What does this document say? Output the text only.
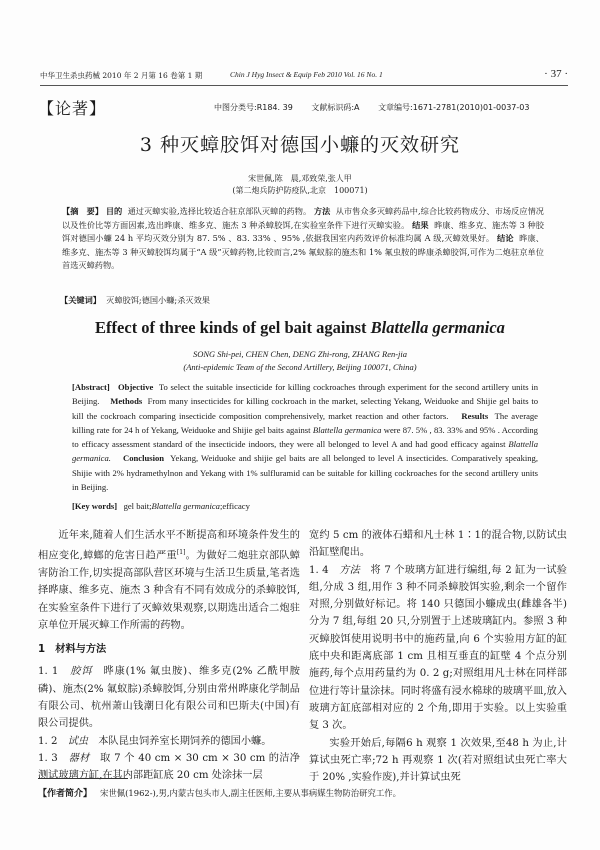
中华卫生杀虫药械 2010 年 2 月第 16 卷第 1 期	Chin J Hyg Insect & Equip Feb 2010 Vol. 16 No. 1	· 37 ·
【论著】	中图分类号:R184. 39 文献标识码:A 文章编号:1671-2781(2010)01-0037-03
3 种灭蟑胶饵对德国小蠊的灭效研究
宋世佩,陈　晨,邓致荣,张人甲
(第二炮兵防护防疫队,北京　100071)
【摘　要】 目的 通过灭蟑实验,选择比较适合驻京部队灭蟑的药物。 方法 从市售众多灭蟑药品中,综合比较药物成分、市场反应情况以及性价比等方面因素,选出晔康、维多克、施杰 3 种杀蟑胶饵,在实验室条件下进行灭蟑实验。 结果 晔康、维多克、施杰等 3 种胶饵对德国小蠊 24 h 平均灭效分别为 87. 5% 、83. 33% 、95% ,依据我国室内药效评价标准均属 A 级,灭蟑效果好。 结论 晔康、维多克、施杰等 3 种灭蟑胶饵均属于“A 级”灭蟑药物,比较而言,2% 氟蚁腙的施杰和 1% 氟虫胺的晔康杀蟑胶饵,可作为二炮驻京单位首选灭蟑药物。
【关键词】 灭蟑胶饵;德国小蠊;杀灭效果
Effect of three kinds of gel bait against Blattella germanica
SONG Shi-pei, CHEN Chen, DENG Zhi-rong, ZHANG Ren-jia
(Anti-epidemic Team of the Second Artillery, Beijing 100071, China)
[Abstract] Objective To select the suitable insecticide for killing cockroaches through experiment for the second artillery units in Beijing. Methods From many insecticides for killing cockroach in the market, selecting Yekang, Weiduoke and Shijie gel baits to kill the cockroach comparing insecticide composition comprehensively, market reaction and other factors. Results The average killing rate for 24 h of Yekang, Weiduoke and Shijie gel baits against Blattella germanica were 87. 5% , 83. 33% and 95% . According to efficacy assessment standard of the insecticide indoors, they were all belonged to level A and had good efficacy against Blattella germanica. Conclusion Yekang, Weiduoke and shijie gel baits are all belonged to level A insecticides. Comparatively speaking, Shijie with 2% hydramethylnon and Yekang with 1% sulfluramid can be suitable for killing cockroaches for the second artillery units in Beijing.
[Key words] gel bait;Blattella germanica;efficacy

近年来,随着人们生活水平不断提高和环境条件发生的相应变化,蟑螂的危害日趋严重[1]。为做好二炮驻京部队蟑害防治工作,切实提高部队营区环境与生活卫生质量,笔者选择晔康、维多克、施杰 3 种含有不同有效成分的杀蟑胶饵,在实验室条件下进行了灭蟑效果观察,以期选出适合二炮驻京单位开展灭蟑工作所需的药物。

1　材料与方法

1. 1　胶饵　晔康(1% 氟虫胺)、维多克(2% 乙酰甲胺磷)、施杰(2% 氟蚁腙)杀蟑胶饵,分别由常州晔康化学制品有限公司、杭州萧山钱潮日化有限公司和巴斯夫(中国)有限公司提供。

1. 2　试虫　本队昆虫饲养室长期饲养的德国小蠊。

1. 3　器材　取 7 个 40 cm × 30 cm × 30 cm 的洁净测试玻璃方缸,在其内部距缸底 20 cm 处涂抹一层

宽约 5 cm 的液体石蜡和凡士林 1∶1的混合物,以防试虫沿缸壁爬出。

1. 4　方法　将 7 个玻璃方缸进行编组,每 2 缸为一试验组,分成 3 组,用作 3 种不同杀蟑胶饵实验,剩余一个留作对照,分别做好标记。将 140 只德国小蠊成虫(雌雄各半)分为 7 组,每组 20 只,分别置于上述玻璃缸内。参照 3 种灭蟑胶饵使用说明书中的施药量,向 6 个实验用方缸的缸底中央和距离底部 1 cm 且相互垂直的缸壁 4 个点分别施药,每个点用药量约为 0. 2 g;对照组用凡士林在同样部位进行等计量涂抹。同时将盛有浸水棉球的玻璃平皿,放入玻璃方缸底部相对应的 2 个角,即用于实验。以上实验重复 3 次。

实验开始后,每隔6 h 观察 1 次效果,至48 h 为止,计算试虫死亡率;72 h 再观察 1 次(若对照组试虫死亡率大于 20% ,实验作废),并计算试虫死

【作者简介】 宋世佩(1962-),男,内蒙古包头市人,副主任医师,主要从事病媒生物防治研究工作。
